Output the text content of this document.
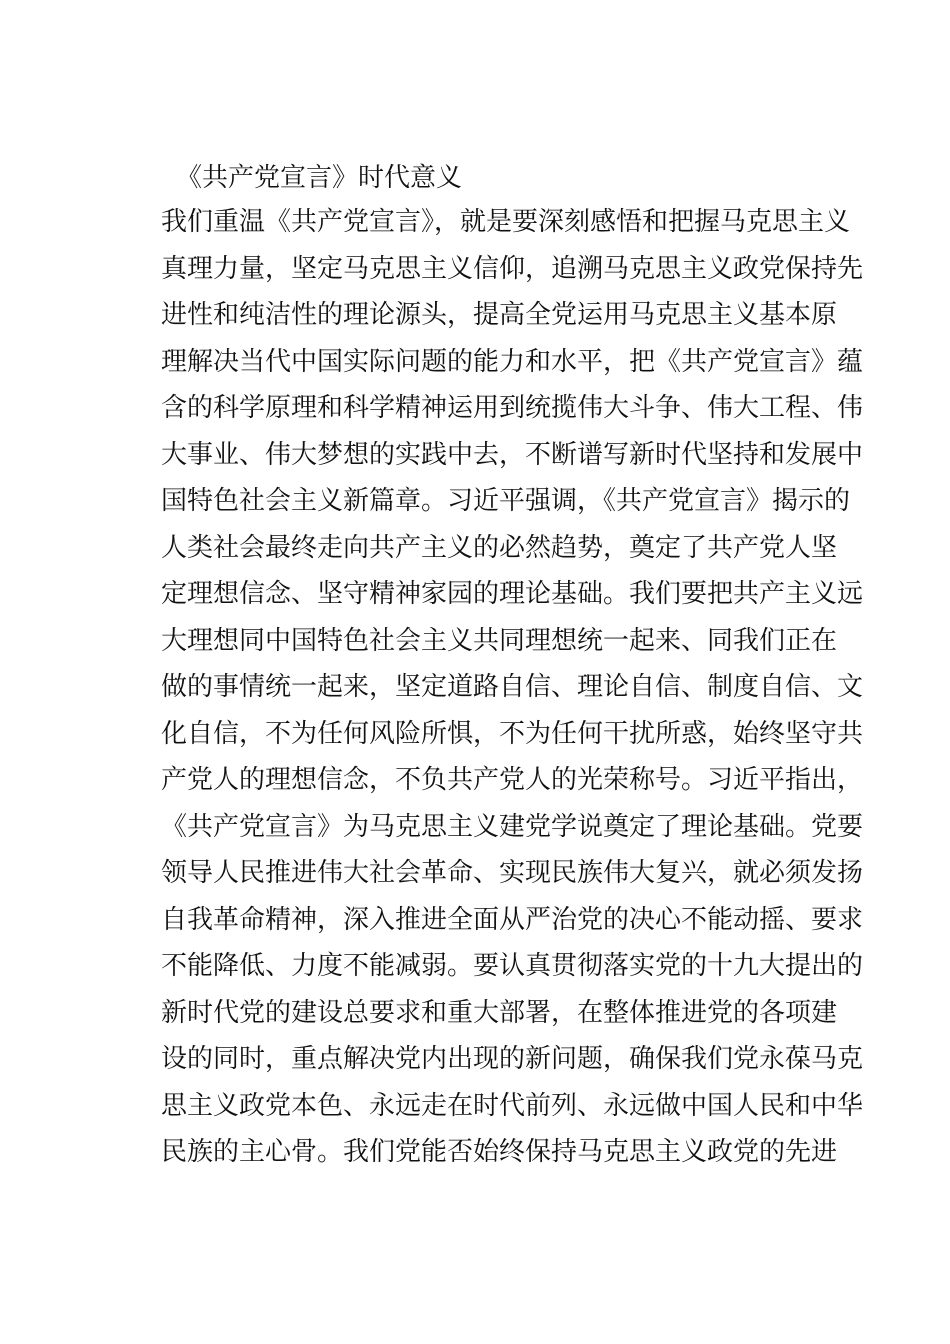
《共产党宣言》时代意义
我们重温《共产党宣言》，就是要深刻感悟和把握马克思主义
真理力量，坚定马克思主义信仰，追溯马克思主义政党保持先
进性和纯洁性的理论源头，提高全党运用马克思主义基本原
理解决当代中国实际问题的能力和水平，把《共产党宣言》蕴
含的科学原理和科学精神运用到统揽伟大斗争、伟大工程、伟
大事业、伟大梦想的实践中去，不断谱写新时代坚持和发展中
国特色社会主义新篇章。习近平强调，《共产党宣言》揭示的
人类社会最终走向共产主义的必然趋势，奠定了共产党人坚
定理想信念、坚守精神家园的理论基础。我们要把共产主义远
大理想同中国特色社会主义共同理想统一起来、同我们正在
做的事情统一起来，坚定道路自信、理论自信、制度自信、文
化自信，不为任何风险所惧，不为任何干扰所惑，始终坚守共
产党人的理想信念，不负共产党人的光荣称号。习近平指出，
《共产党宣言》为马克思主义建党学说奠定了理论基础。党要
领导人民推进伟大社会革命、实现民族伟大复兴，就必须发扬
自我革命精神，深入推进全面从严治党的决心不能动摇、要求
不能降低、力度不能减弱。要认真贯彻落实党的十九大提出的
新时代党的建设总要求和重大部署，在整体推进党的各项建
设的同时，重点解决党内出现的新问题，确保我们党永葆马克
思主义政党本色、永远走在时代前列、永远做中国人民和中华
民族的主心骨。我们党能否始终保持马克思主义政党的先进
